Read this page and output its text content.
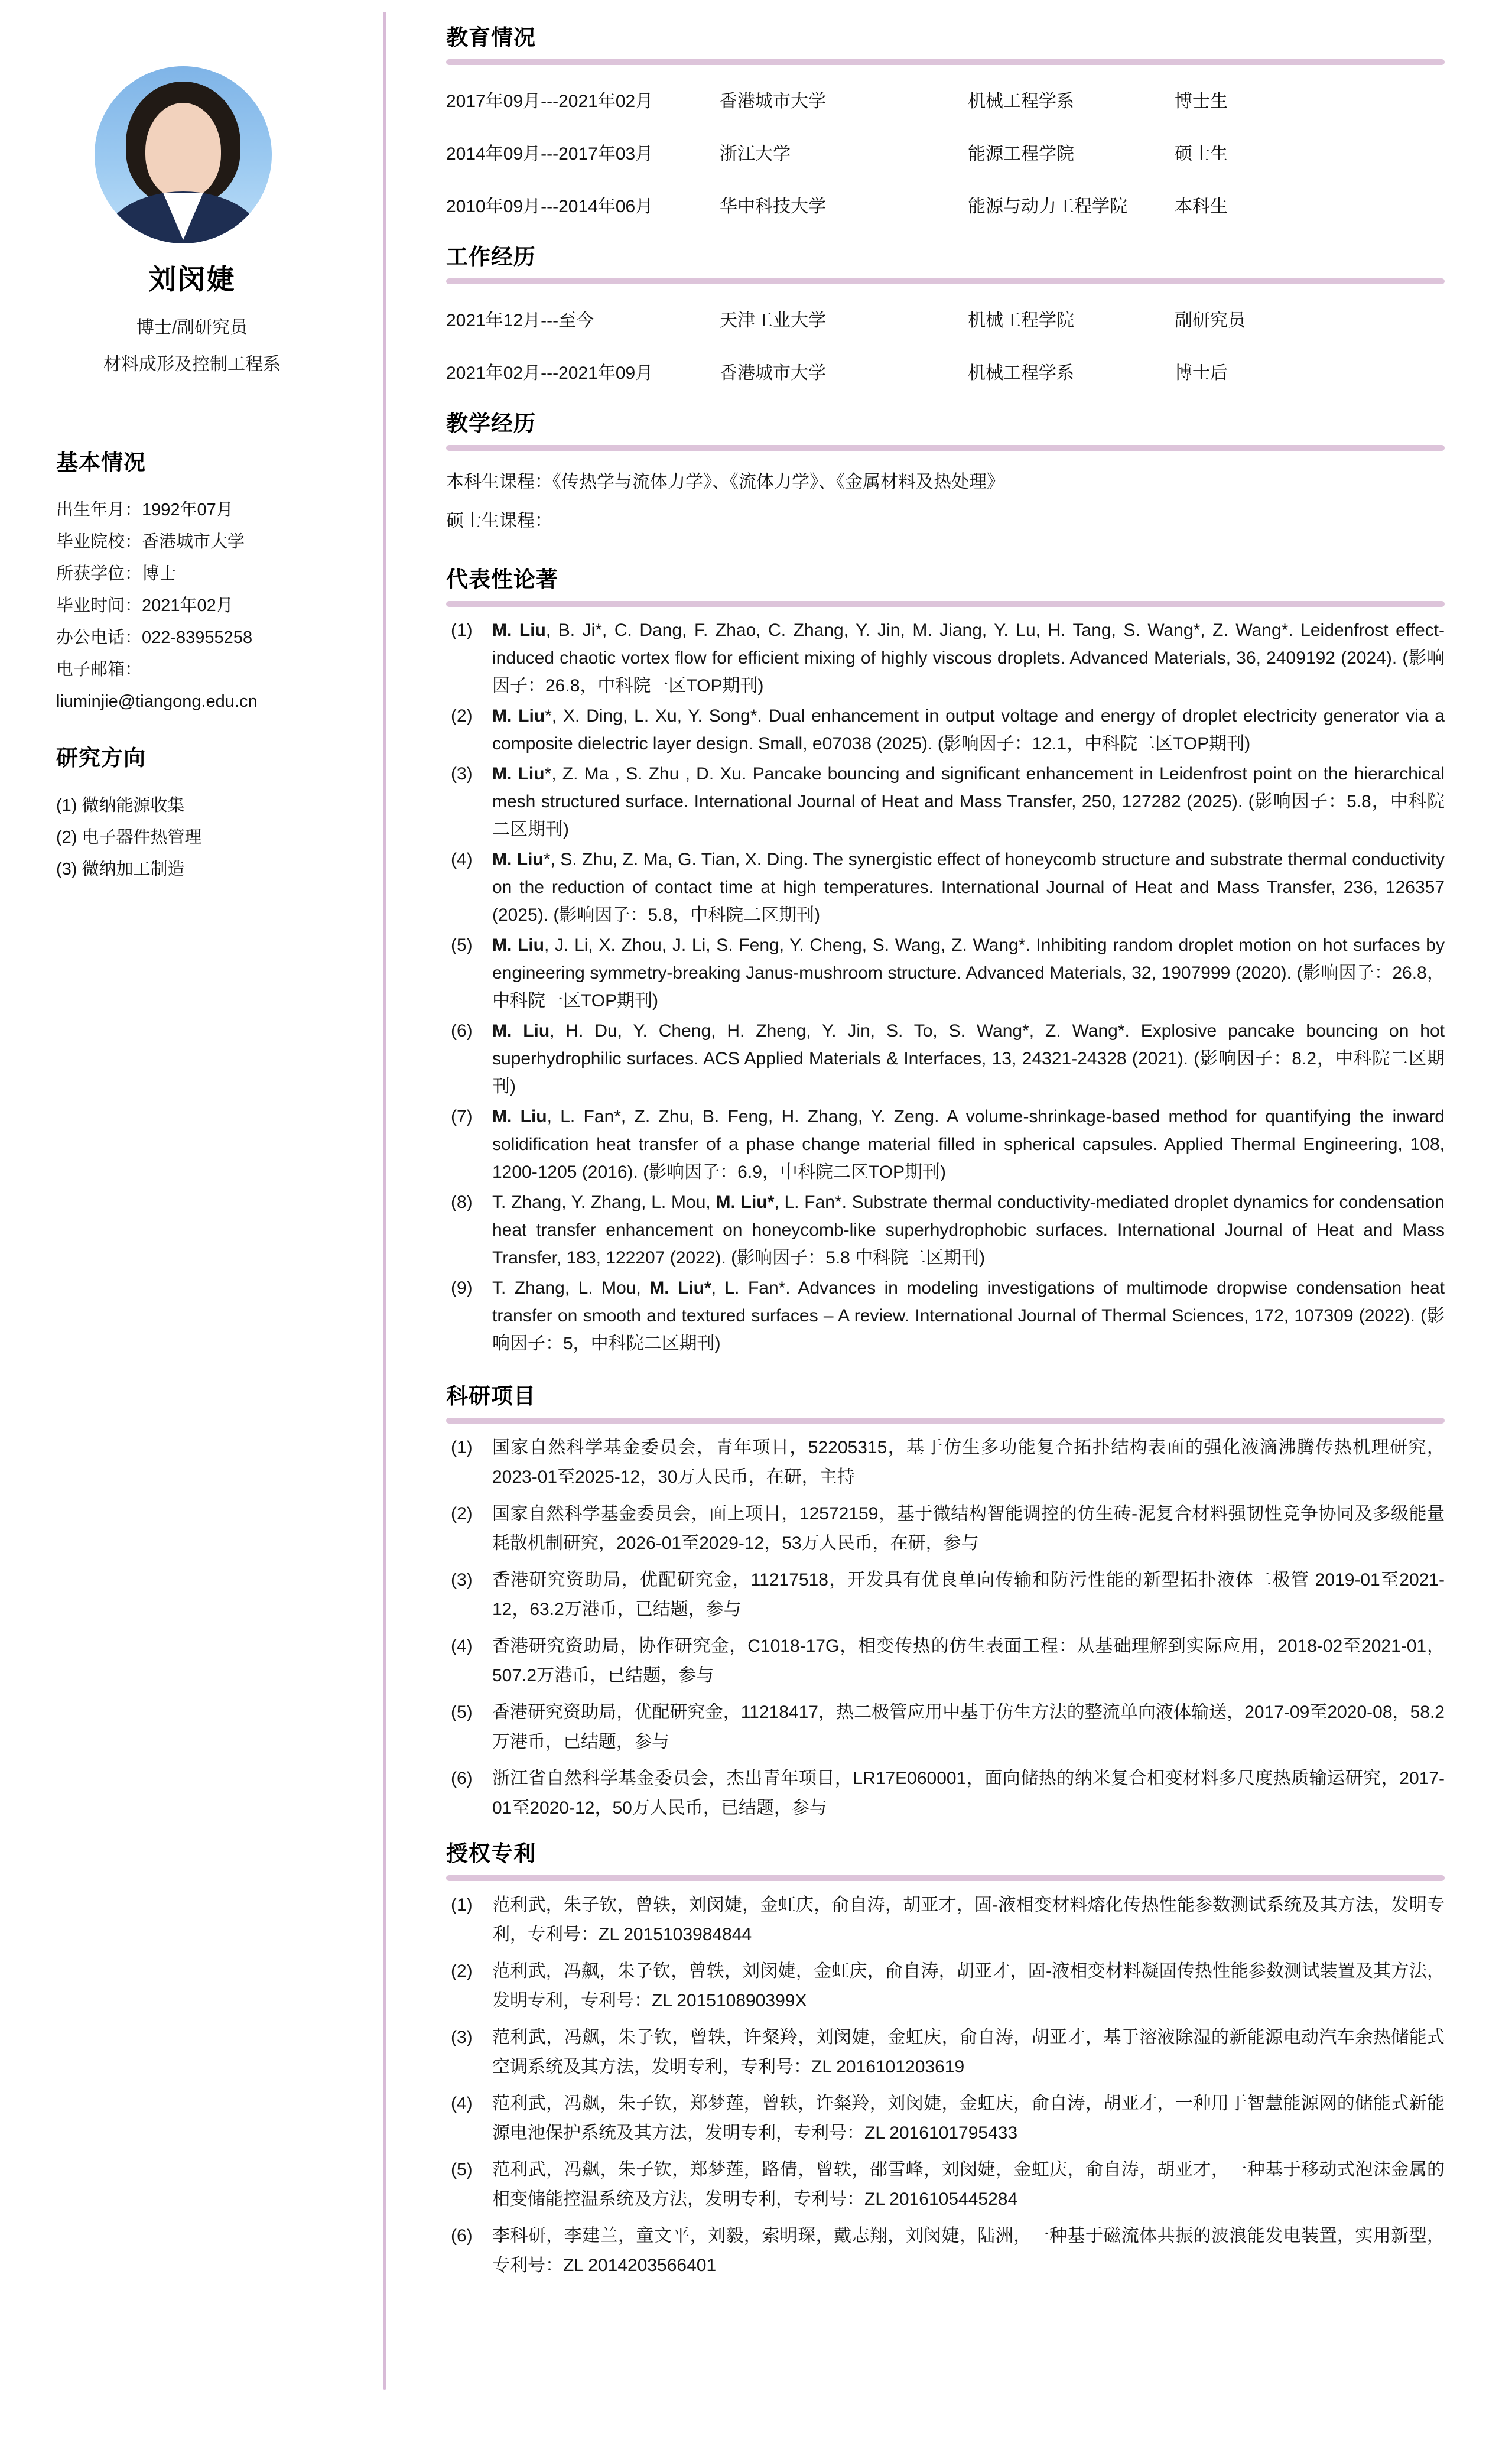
刘闵婕
博士/副研究员
材料成形及控制工程系
基本情况
出生年月：1992年07月
毕业院校：香港城市大学
所获学位：博士
毕业时间：2021年02月
办公电话：022-83955258
电子邮箱：
liuminjie@tiangong.edu.cn
研究方向
(1) 微纳能源收集
(2) 电子器件热管理
(3) 微纳加工制造
教育情况
2017年09月---2021年02月	香港城市大学	机械工程学系	博士生
2014年09月---2017年03月	浙江大学	能源工程学院	硕士生
2010年09月---2014年06月	华中科技大学	能源与动力工程学院	本科生
工作经历
2021年12月---至今	天津工业大学	机械工程学院	副研究员
2021年02月---2021年09月	香港城市大学	机械工程学系	博士后
教学经历
本科生课程：《传热学与流体力学》、《流体力学》、《金属材料及热处理》
硕士生课程：
代表性论著
(1) M. Liu, B. Ji*, C. Dang, F. Zhao, C. Zhang, Y. Jin, M. Jiang, Y. Lu, H. Tang, S. Wang*, Z. Wang*. Leidenfrost effect-induced chaotic vortex flow for efficient mixing of highly viscous droplets. Advanced Materials, 36, 2409192 (2024). (影响因子：26.8，中科院一区TOP期刊)
(2) M. Liu*, X. Ding, L. Xu, Y. Song*. Dual enhancement in output voltage and energy of droplet electricity generator via a composite dielectric layer design. Small, e07038 (2025). (影响因子：12.1，中科院二区TOP期刊)
(3) M. Liu*, Z. Ma , S. Zhu , D. Xu. Pancake bouncing and significant enhancement in Leidenfrost point on the hierarchical mesh structured surface. International Journal of Heat and Mass Transfer, 250, 127282 (2025). (影响因子：5.8，中科院二区期刊)
(4) M. Liu*, S. Zhu, Z. Ma, G. Tian, X. Ding. The synergistic effect of honeycomb structure and substrate thermal conductivity on the reduction of contact time at high temperatures. International Journal of Heat and Mass Transfer, 236, 126357 (2025). (影响因子：5.8，中科院二区期刊)
(5) M. Liu, J. Li, X. Zhou, J. Li, S. Feng, Y. Cheng, S. Wang, Z. Wang*. Inhibiting random droplet motion on hot surfaces by engineering symmetry-breaking Janus-mushroom structure. Advanced Materials, 32, 1907999 (2020). (影响因子：26.8，中科院一区TOP期刊)
(6) M. Liu, H. Du, Y. Cheng, H. Zheng, Y. Jin, S. To, S. Wang*, Z. Wang*. Explosive pancake bouncing on hot superhydrophilic surfaces. ACS Applied Materials & Interfaces, 13, 24321-24328 (2021). (影响因子：8.2，中科院二区期刊)
(7) M. Liu, L. Fan*, Z. Zhu, B. Feng, H. Zhang, Y. Zeng. A volume-shrinkage-based method for quantifying the inward solidification heat transfer of a phase change material filled in spherical capsules. Applied Thermal Engineering, 108, 1200-1205 (2016). (影响因子：6.9，中科院二区TOP期刊)
(8) T. Zhang, Y. Zhang, L. Mou, M. Liu*, L. Fan*. Substrate thermal conductivity-mediated droplet dynamics for condensation heat transfer enhancement on honeycomb-like superhydrophobic surfaces. International Journal of Heat and Mass Transfer, 183, 122207 (2022). (影响因子：5.8 中科院二区期刊)
(9) T. Zhang, L. Mou, M. Liu*, L. Fan*. Advances in modeling investigations of multimode dropwise condensation heat transfer on smooth and textured surfaces – A review. International Journal of Thermal Sciences, 172, 107309 (2022). (影响因子：5，中科院二区期刊)
科研项目
(1) 国家自然科学基金委员会，青年项目，52205315，基于仿生多功能复合拓扑结构表面的强化液滴沸腾传热机理研究，2023-01至2025-12，30万人民币，在研，主持
(2) 国家自然科学基金委员会，面上项目，12572159，基于微结构智能调控的仿生砖-泥复合材料强韧性竞争协同及多级能量耗散机制研究，2026-01至2029-12，53万人民币，在研，参与
(3) 香港研究资助局，优配研究金，11217518，开发具有优良单向传输和防污性能的新型拓扑液体二极管 2019-01至2021-12，63.2万港币，已结题，参与
(4) 香港研究资助局，协作研究金，C1018-17G，相变传热的仿生表面工程：从基础理解到实际应用，2018-02至2021-01，507.2万港币，已结题，参与
(5) 香港研究资助局，优配研究金，11218417，热二极管应用中基于仿生方法的整流单向液体输送，2017-09至2020-08，58.2万港币，已结题，参与
(6) 浙江省自然科学基金委员会，杰出青年项目，LR17E060001，面向储热的纳米复合相变材料多尺度热质输运研究，2017-01至2020-12，50万人民币，已结题，参与
授权专利
(1) 范利武，朱子钦，曾轶，刘闵婕，金虹庆，俞自涛，胡亚才，固-液相变材料熔化传热性能参数测试系统及其方法，发明专利，专利号：ZL 2015103984844
(2) 范利武，冯飙，朱子钦，曾轶，刘闵婕，金虹庆，俞自涛，胡亚才，固-液相变材料凝固传热性能参数测试装置及其方法，发明专利，专利号：ZL 201510890399X
(3) 范利武，冯飙，朱子钦，曾轶，许粲羚，刘闵婕，金虹庆，俞自涛，胡亚才，基于溶液除湿的新能源电动汽车余热储能式空调系统及其方法，发明专利，专利号：ZL 2016101203619
(4) 范利武，冯飙，朱子钦，郑梦莲，曾轶，许粲羚，刘闵婕，金虹庆，俞自涛，胡亚才，一种用于智慧能源网的储能式新能源电池保护系统及其方法，发明专利，专利号：ZL 2016101795433
(5) 范利武，冯飙，朱子钦，郑梦莲，路倩，曾轶，邵雪峰，刘闵婕，金虹庆，俞自涛，胡亚才，一种基于移动式泡沫金属的相变储能控温系统及方法，发明专利，专利号：ZL 2016105445284
(6) 李科研，李建兰，童文平，刘毅，索明琛，戴志翔，刘闵婕，陆洲，一种基于磁流体共振的波浪能发电装置，实用新型，专利号：ZL 2014203566401
